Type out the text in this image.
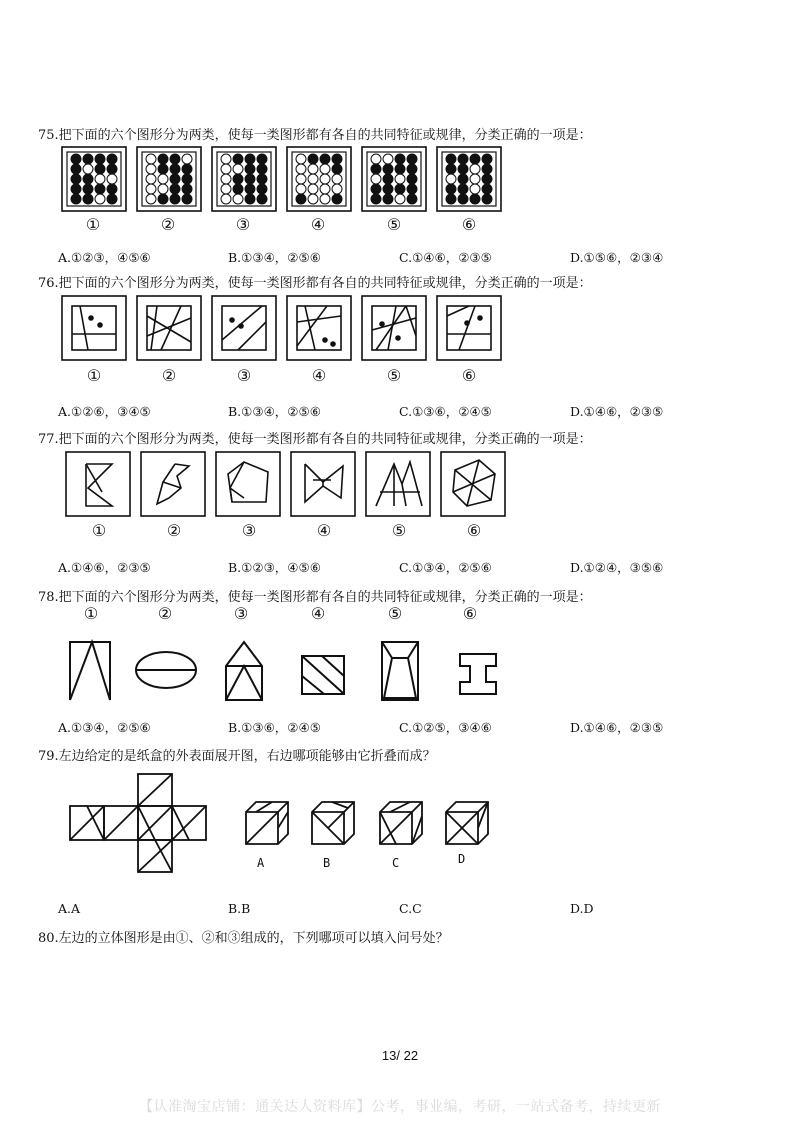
75.把下面的六个图形分为两类，使每一类图形都有各自的共同特征或规律，分类正确的一项是：
①	②	③	④	⑤	⑥
A.①②③，④⑤⑥	B.①③④，②⑤⑥	C.①④⑥，②③⑤	D.①⑤⑥，②③④
76.把下面的六个图形分为两类，使每一类图形都有各自的共同特征或规律，分类正确的一项是：
①	②	③	④	⑤	⑥
A.①②⑥，③④⑤	B.①③④，②⑤⑥	C.①③⑥，②④⑤	D.①④⑥，②③⑤
77.把下面的六个图形分为两类，使每一类图形都有各自的共同特征或规律，分类正确的一项是：
①	②	③	④	⑤	⑥
A.①④⑥，②③⑤	B.①②③，④⑤⑥	C.①③④，②⑤⑥	D.①②④，③⑤⑥
78.把下面的六个图形分为两类，使每一类图形都有各自的共同特征或规律，分类正确的一项是：
①	②	③	④	⑤	⑥
A.①③④，②⑤⑥	B.①③⑥，②④⑤	C.①②⑤，③④⑥	D.①④⑥，②③⑤
79.左边给定的是纸盒的外表面展开图，右边哪项能够由它折叠而成？
A	B	C	D
A.A	B.B	C.C	D.D
80.左边的立体图形是由①、②和③组成的，下列哪项可以填入问号处？
13/ 22
【认准淘宝店铺：通关达人资料库】公考，事业编，考研，一站式备考，持续更新
